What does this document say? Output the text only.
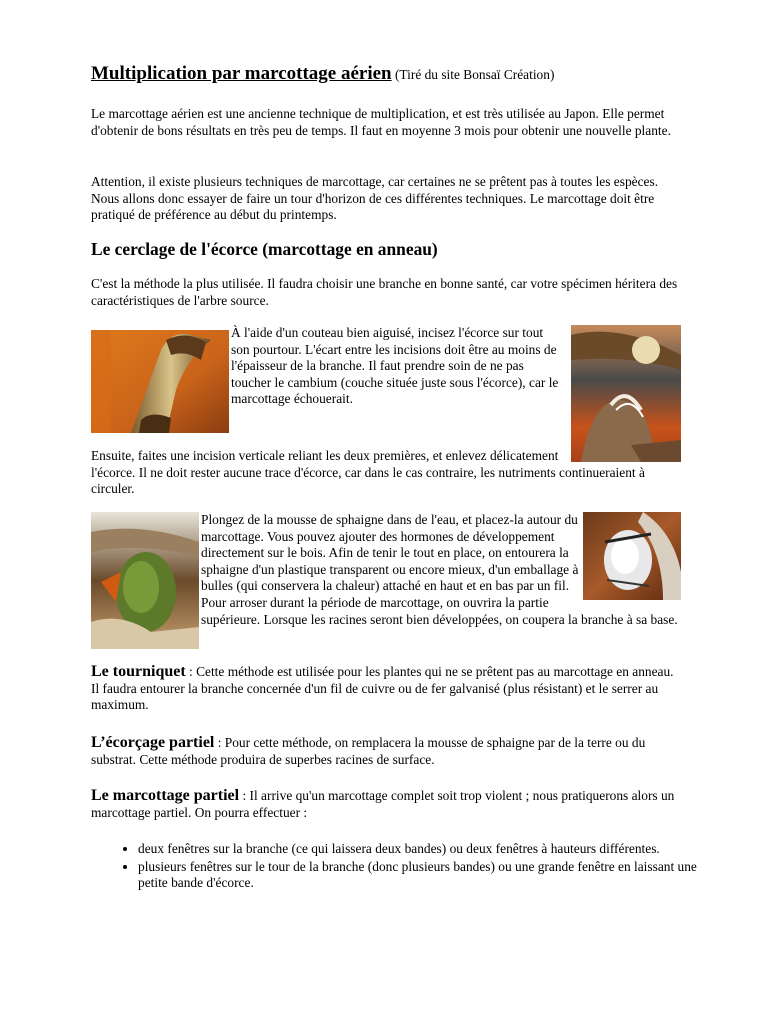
Multiplication par marcottage aérien (Tiré du site Bonsaï Création)

Le marcottage aérien est une ancienne technique de multiplication, et est très utilisée au Japon. Elle permet d'obtenir de bons résultats en très peu de temps. Il faut en moyenne 3 mois pour obtenir une nouvelle plante.

Attention, il existe plusieurs techniques de marcottage, car certaines ne se prêtent pas à toutes les espèces. Nous allons donc essayer de faire un tour d'horizon de ces différentes techniques. Le marcottage doit être pratiqué de préférence au début du printemps.

Le cerclage de l'écorce (marcottage en anneau)

C'est la méthode la plus utilisée. Il faudra choisir une branche en bonne santé, car votre spécimen héritera des caractéristiques de l'arbre source.

À l'aide d'un couteau bien aiguisé, incisez l'écorce sur tout son pourtour. L'écart entre les incisions doit être au moins de l'épaisseur de la branche. Il faut prendre soin de ne pas toucher le cambium (couche située juste sous l'écorce), car le marcottage échouerait.

Ensuite, faites une incision verticale reliant les deux premières, et enlevez délicatement l'écorce. Il ne doit rester aucune trace d'écorce, car dans le cas contraire, les nutriments continueraient à circuler.

Plongez de la mousse de sphaigne dans de l'eau, et placez-la autour du marcottage. Vous pouvez ajouter des hormones de développement directement sur le bois. Afin de tenir le tout en place, on entourera la sphaigne d'un plastique transparent ou encore mieux, d'un emballage à bulles (qui conservera la chaleur) attaché en haut et en bas par un fil. Pour arroser durant la période de marcottage, on ouvrira la partie supérieure. Lorsque les racines seront bien développées, on coupera la branche à sa base.

Le tourniquet : Cette méthode est utilisée pour les plantes qui ne se prêtent pas au marcottage en anneau. Il faudra entourer la branche concernée d'un fil de cuivre ou de fer galvanisé (plus résistant) et le serrer au maximum.

L’écorçage partiel : Pour cette méthode, on remplacera la mousse de sphaigne par de la terre ou du substrat. Cette méthode produira de superbes racines de surface.

Le marcottage partiel : Il arrive qu'un marcottage complet soit trop violent ; nous pratiquerons alors un marcottage partiel. On pourra effectuer :

• deux fenêtres sur la branche (ce qui laissera deux bandes) ou deux fenêtres à hauteurs différentes.
• plusieurs fenêtres sur le tour de la branche (donc plusieurs bandes) ou une grande fenêtre en laissant une petite bande d'écorce.
